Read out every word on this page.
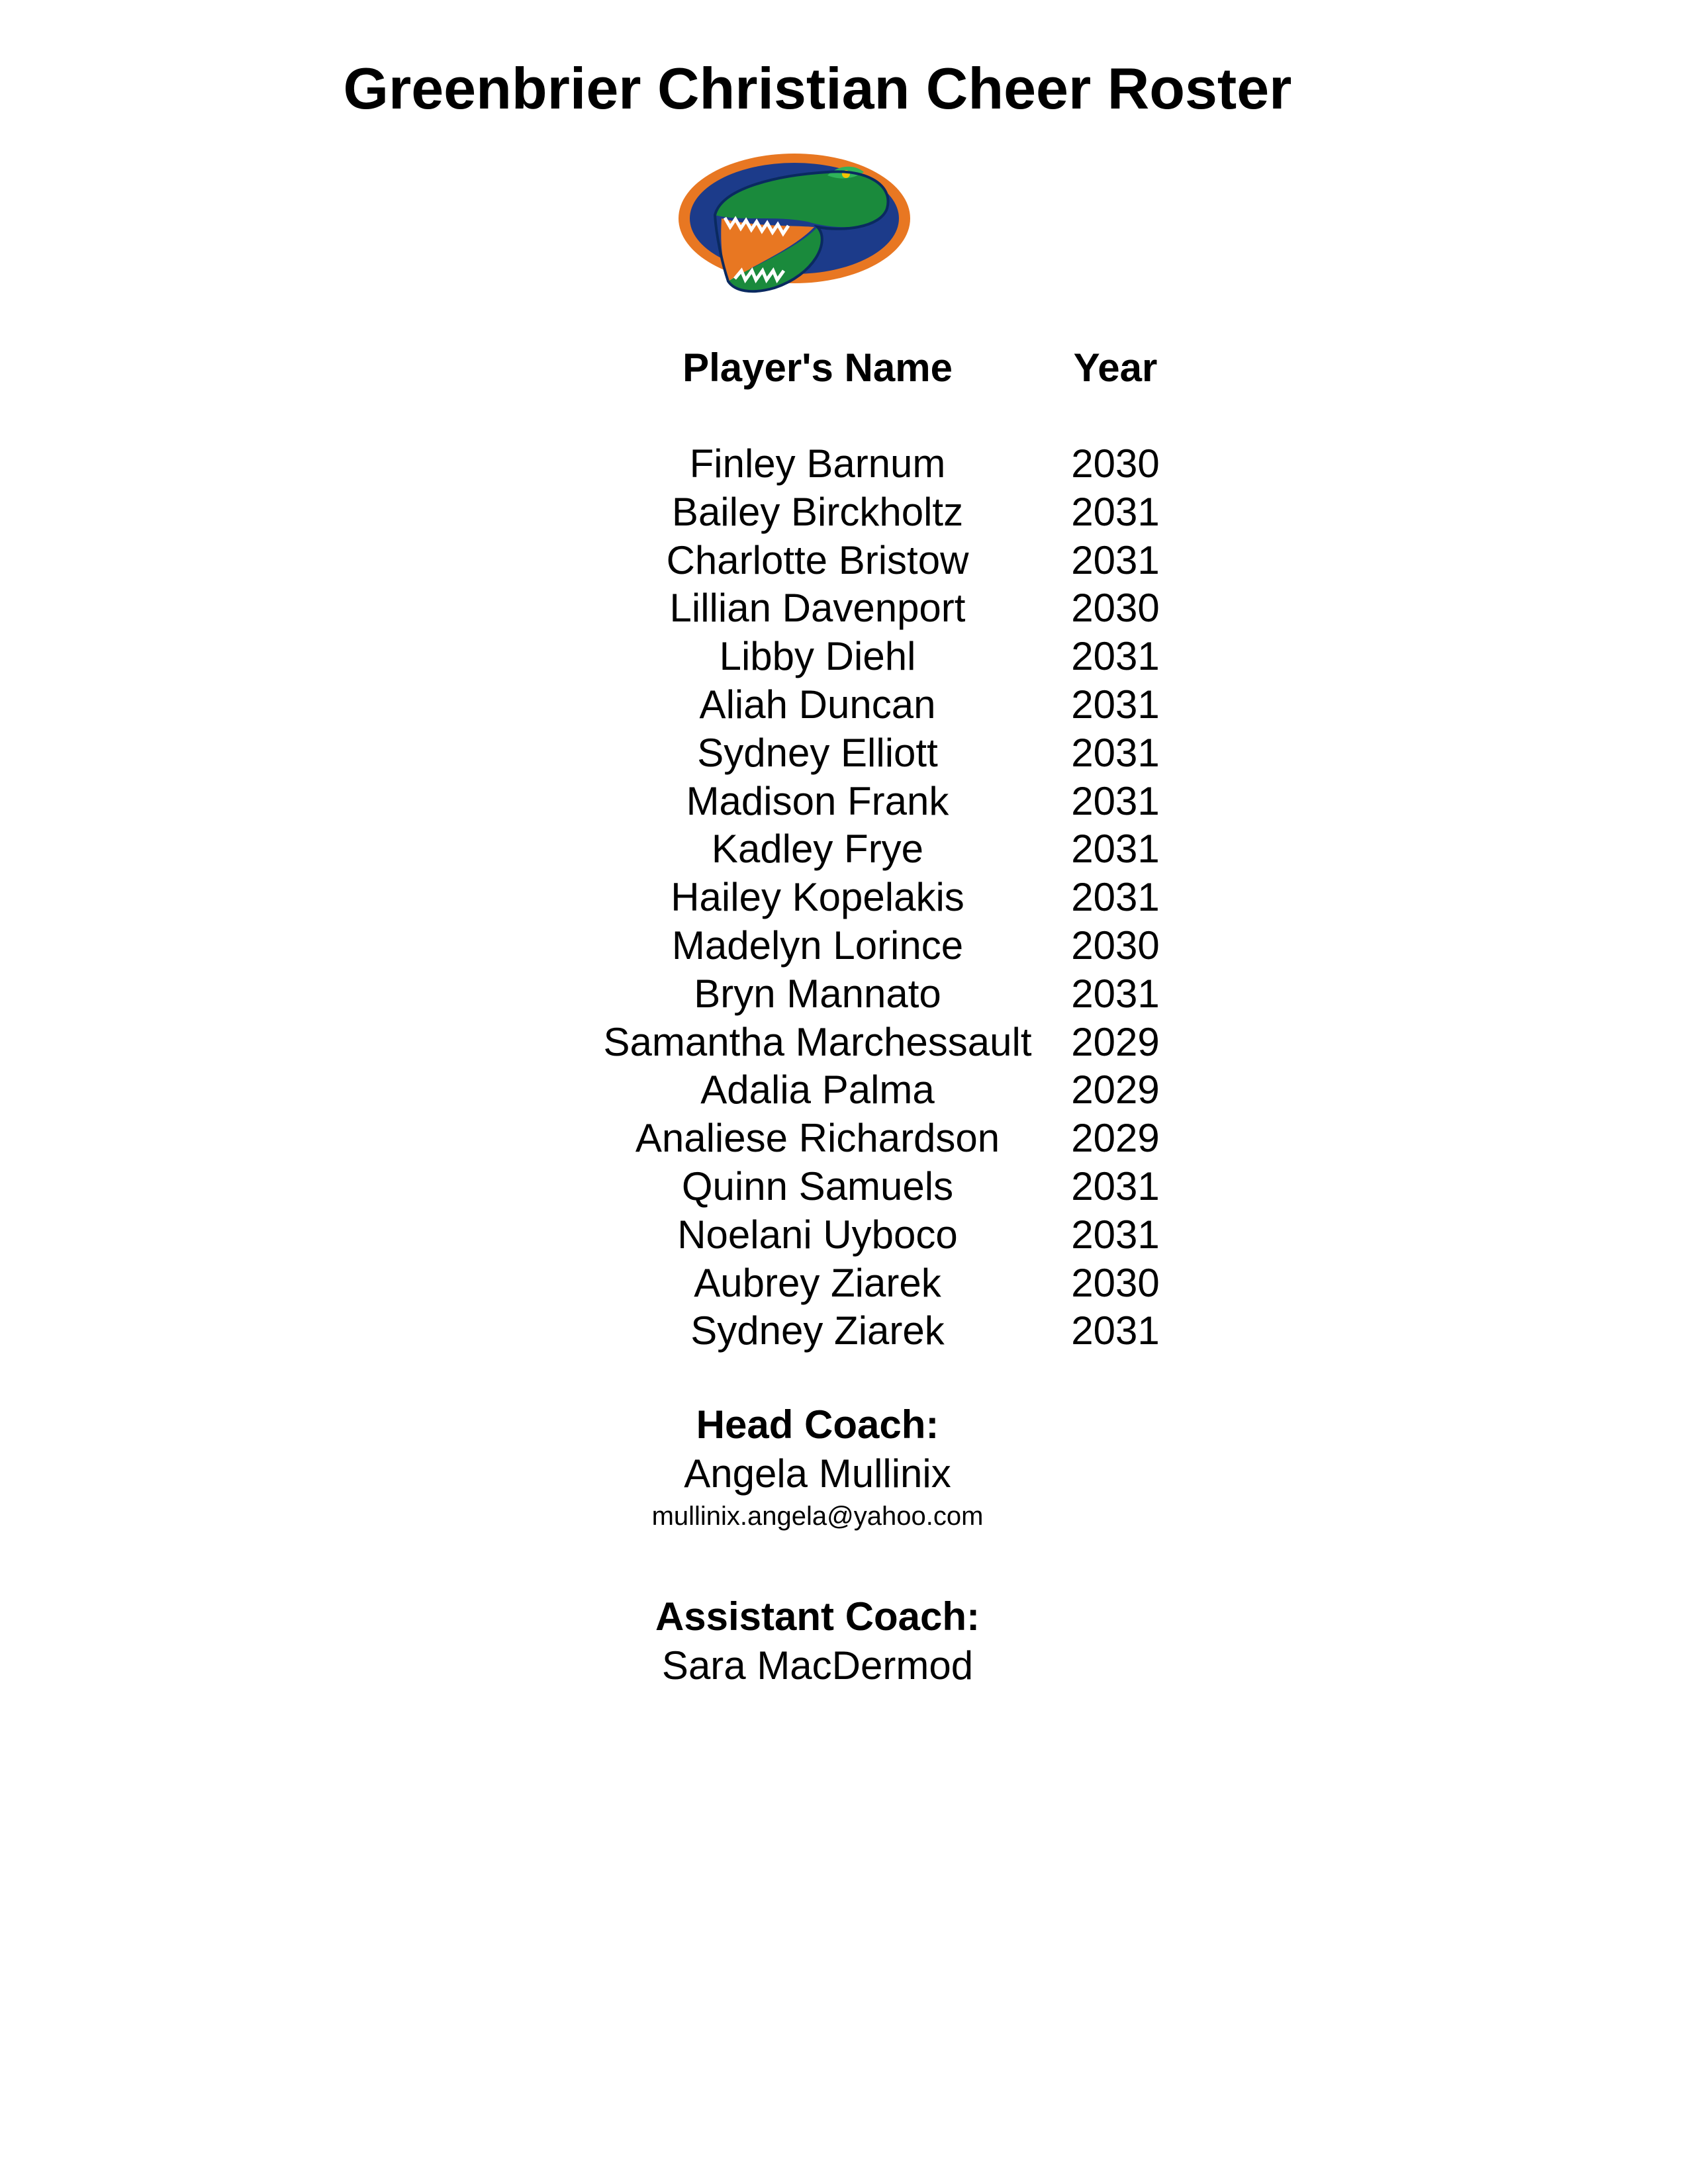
Greenbrier Christian Cheer Roster
Player's Name	Year
Finley Barnum	2030
Bailey Birckholtz	2031
Charlotte Bristow	2031
Lillian Davenport	2030
Libby Diehl	2031
Aliah Duncan	2031
Sydney Elliott	2031
Madison Frank	2031
Kadley Frye	2031
Hailey Kopelakis	2031
Madelyn Lorince	2030
Bryn Mannato	2031
Samantha Marchessault 2029
Adalia Palma	2029
Analiese Richardson	2029
Quinn Samuels	2031
Noelani Uyboco	2031
Aubrey Ziarek	2030
Sydney Ziarek	2031
Head Coach:
Angela Mullinix
mullinix.angela@yahoo.com
Assistant Coach:
Sara MacDermod
